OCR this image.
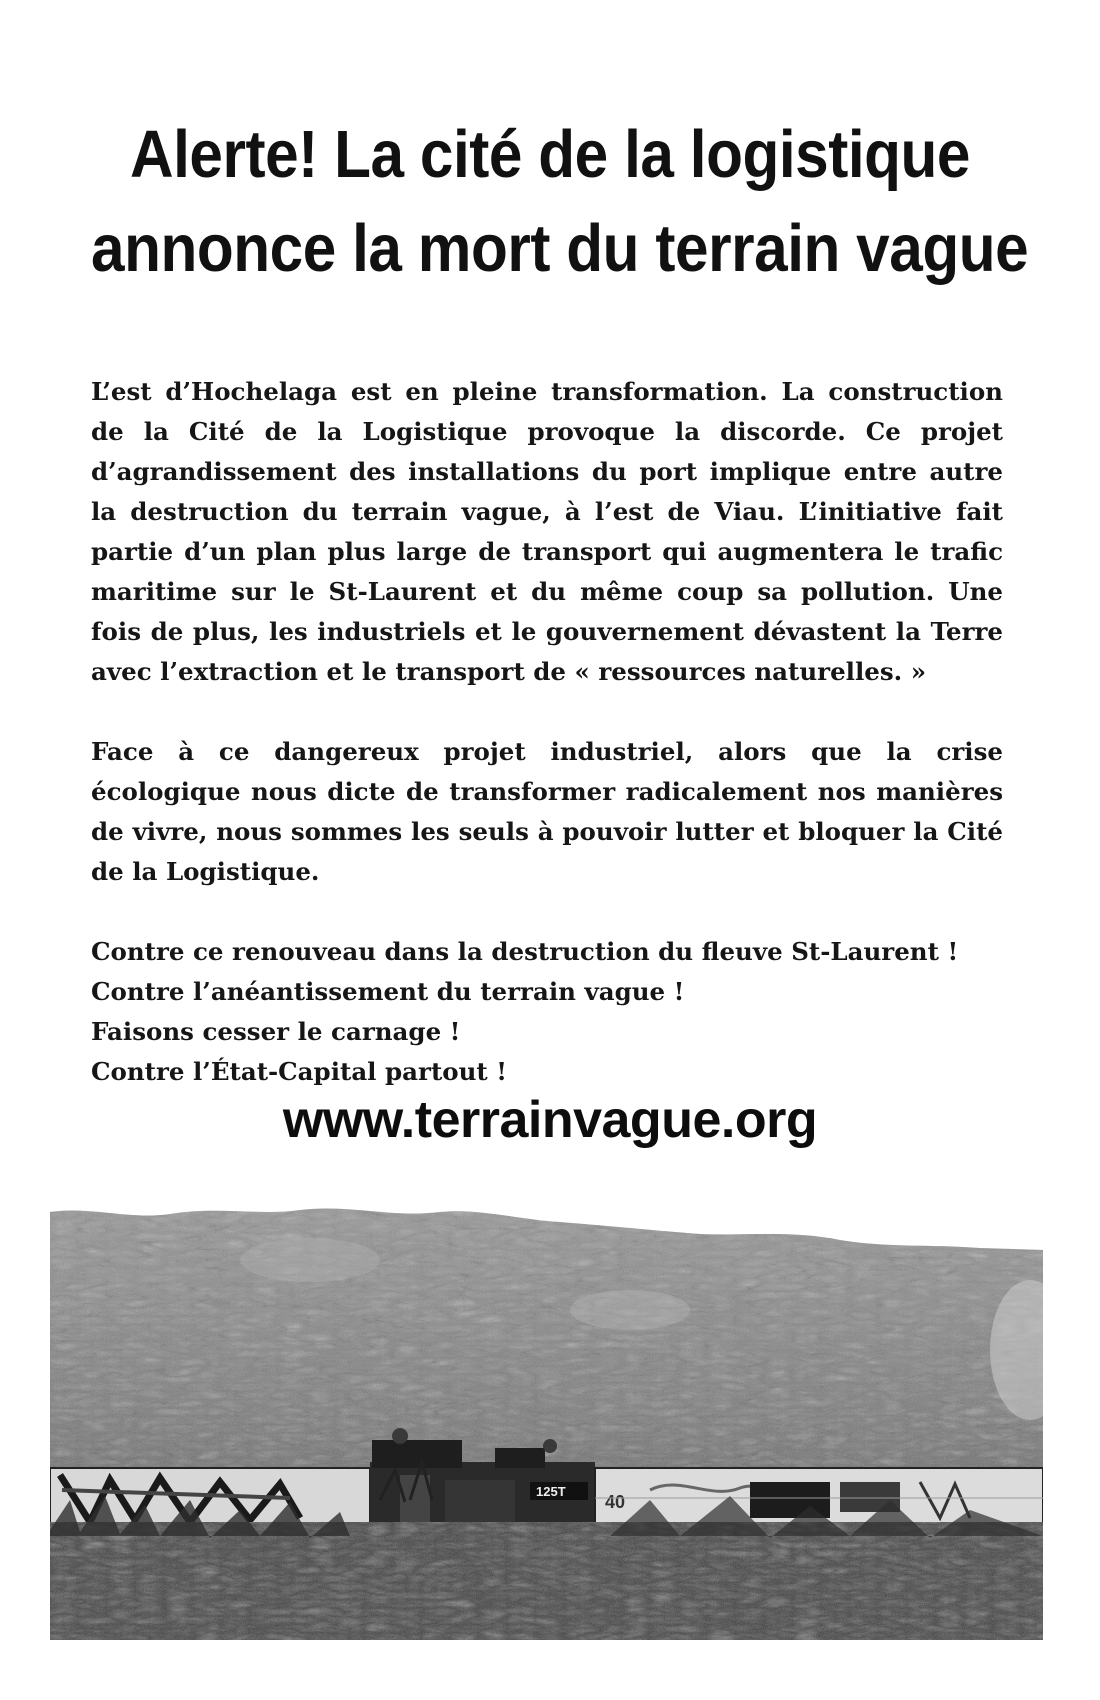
Alerte! La cité de la logistique
annonce la mort du terrain vague

L’est d’Hochelaga est en pleine transformation. La construction de la Cité de la Logistique provoque la discorde. Ce projet d’agrandissement des installations du port implique entre autre la destruction du terrain vague, à l’est de Viau. L’initiative fait partie d’un plan plus large de transport qui augmentera le trafic maritime sur le St-Laurent et du même coup sa pollution. Une fois de plus, les industriels et le gouvernement dévastent la Terre avec l’extraction et le transport de « ressources naturelles. »

Face à ce dangereux projet industriel, alors que la crise écologique nous dicte de transformer radicalement nos manières de vivre, nous sommes les seuls à pouvoir lutter et bloquer la Cité de la Logistique.

Contre ce renouveau dans la destruction du fleuve St-Laurent !
Contre l’anéantissement du terrain vague !
Faisons cesser le carnage !
Contre l’État-Capital partout !
www.terrainvague.org
125T
40
